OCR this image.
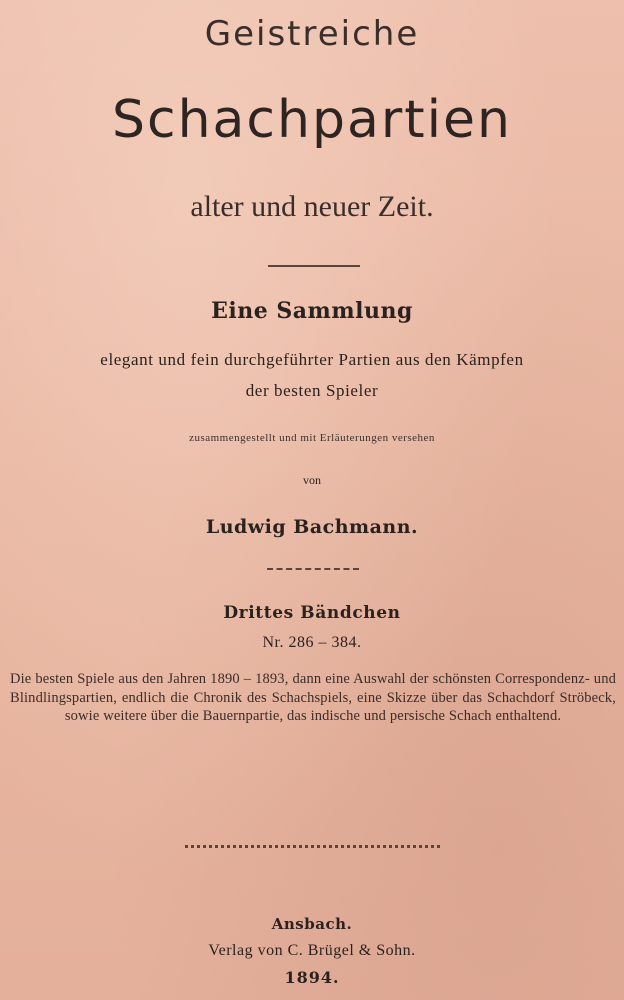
Geistreiche
Schachpartien
alter und neuer Zeit.
Eine Sammlung
elegant und fein durchgeführter Partien aus den Kämpfen
der besten Spieler
zusammengestellt und mit Erläuterungen versehen
von
Ludwig Bachmann.
Drittes Bändchen
Nr. 286 – 384.
Die besten Spiele aus den Jahren 1890 – 1893, dann eine Auswahl der schönsten Correspondenz- und Blindlingspartien, endlich die Chronik des Schachspiels, eine Skizze über das Schachdorf Ströbeck, sowie weitere über die Bauernpartie, das indische und persische Schach enthaltend.
Ansbach.
Verlag von C. Brügel & Sohn.
1894.
